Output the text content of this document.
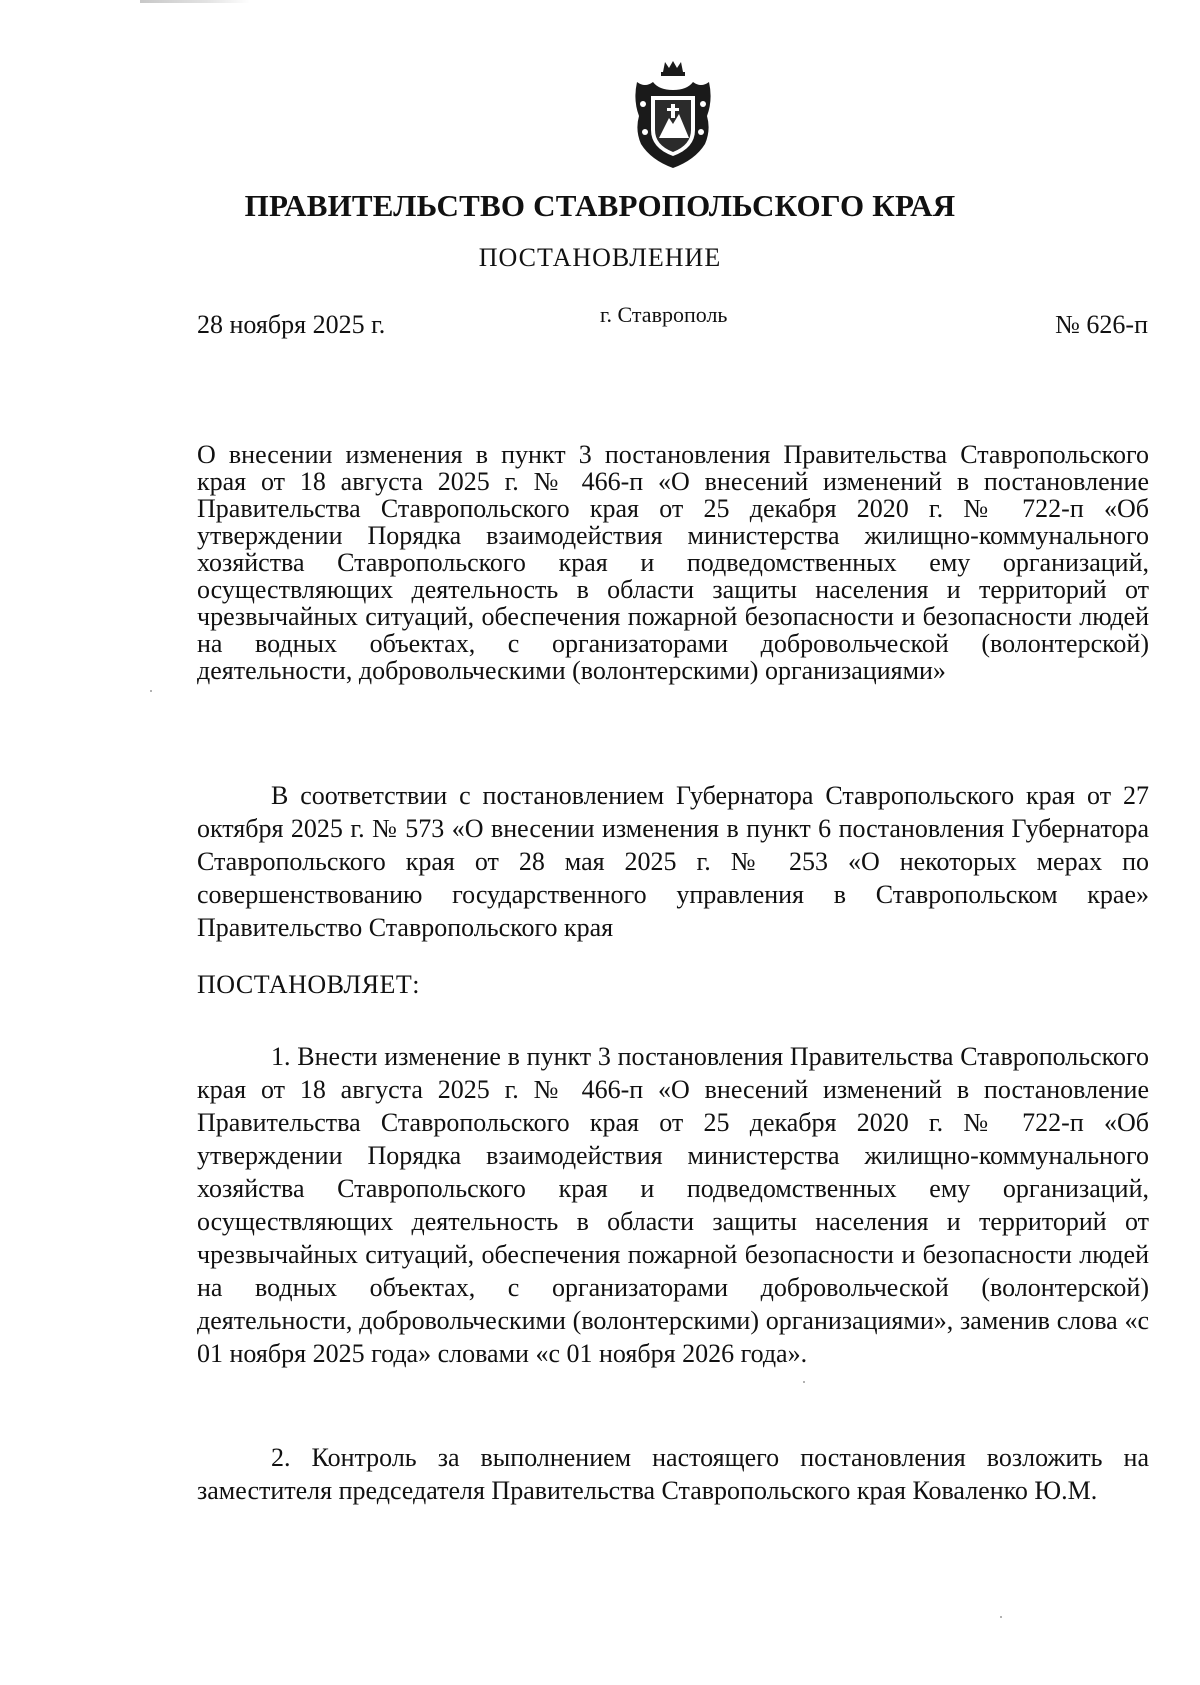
ПРАВИТЕЛЬСТВО СТАВРОПОЛЬСКОГО КРАЯ
ПОСТАНОВЛЕНИЕ
28 ноября 2025 г.	г. Ставрополь	№ 626-п
О внесении изменения в пункт 3 постановления Правительства Ставропольского края от 18 августа 2025 г. № 466-п «О внесений изменений в постановление Правительства Ставропольского края от 25 декабря 2020 г. № 722-п «Об утверждении Порядка взаимодействия министерства жилищно-коммунального хозяйства Ставропольского края и подведомственных ему организаций, осуществляющих деятельность в области защиты населения и территорий от чрезвычайных ситуаций, обеспечения пожарной безопасности и безопасности людей на водных объектах, с организаторами добровольческой (волонтерской) деятельности, добровольческими (волонтерскими) организациями»
В соответствии с постановлением Губернатора Ставропольского края от 27 октября 2025 г. № 573 «О внесении изменения в пункт 6 постановления Губернатора Ставропольского края от 28 мая 2025 г. № 253 «О некоторых мерах по совершенствованию государственного управления в Ставропольском крае» Правительство Ставропольского края
ПОСТАНОВЛЯЕТ:
1. Внести изменение в пункт 3 постановления Правительства Ставропольского края от 18 августа 2025 г. № 466-п «О внесений изменений в постановление Правительства Ставропольского края от 25 декабря 2020 г. № 722-п «Об утверждении Порядка взаимодействия министерства жилищно-коммунального хозяйства Ставропольского края и подведомственных ему организаций, осуществляющих деятельность в области защиты населения и территорий от чрезвычайных ситуаций, обеспечения пожарной безопасности и безопасности людей на водных объектах, с организаторами добровольческой (волонтерской) деятельности, добровольческими (волонтерскими) организациями», заменив слова «с 01 ноября 2025 года» словами «с 01 ноября 2026 года».
2. Контроль за выполнением настоящего постановления возложить на заместителя председателя Правительства Ставропольского края Коваленко Ю.М.
